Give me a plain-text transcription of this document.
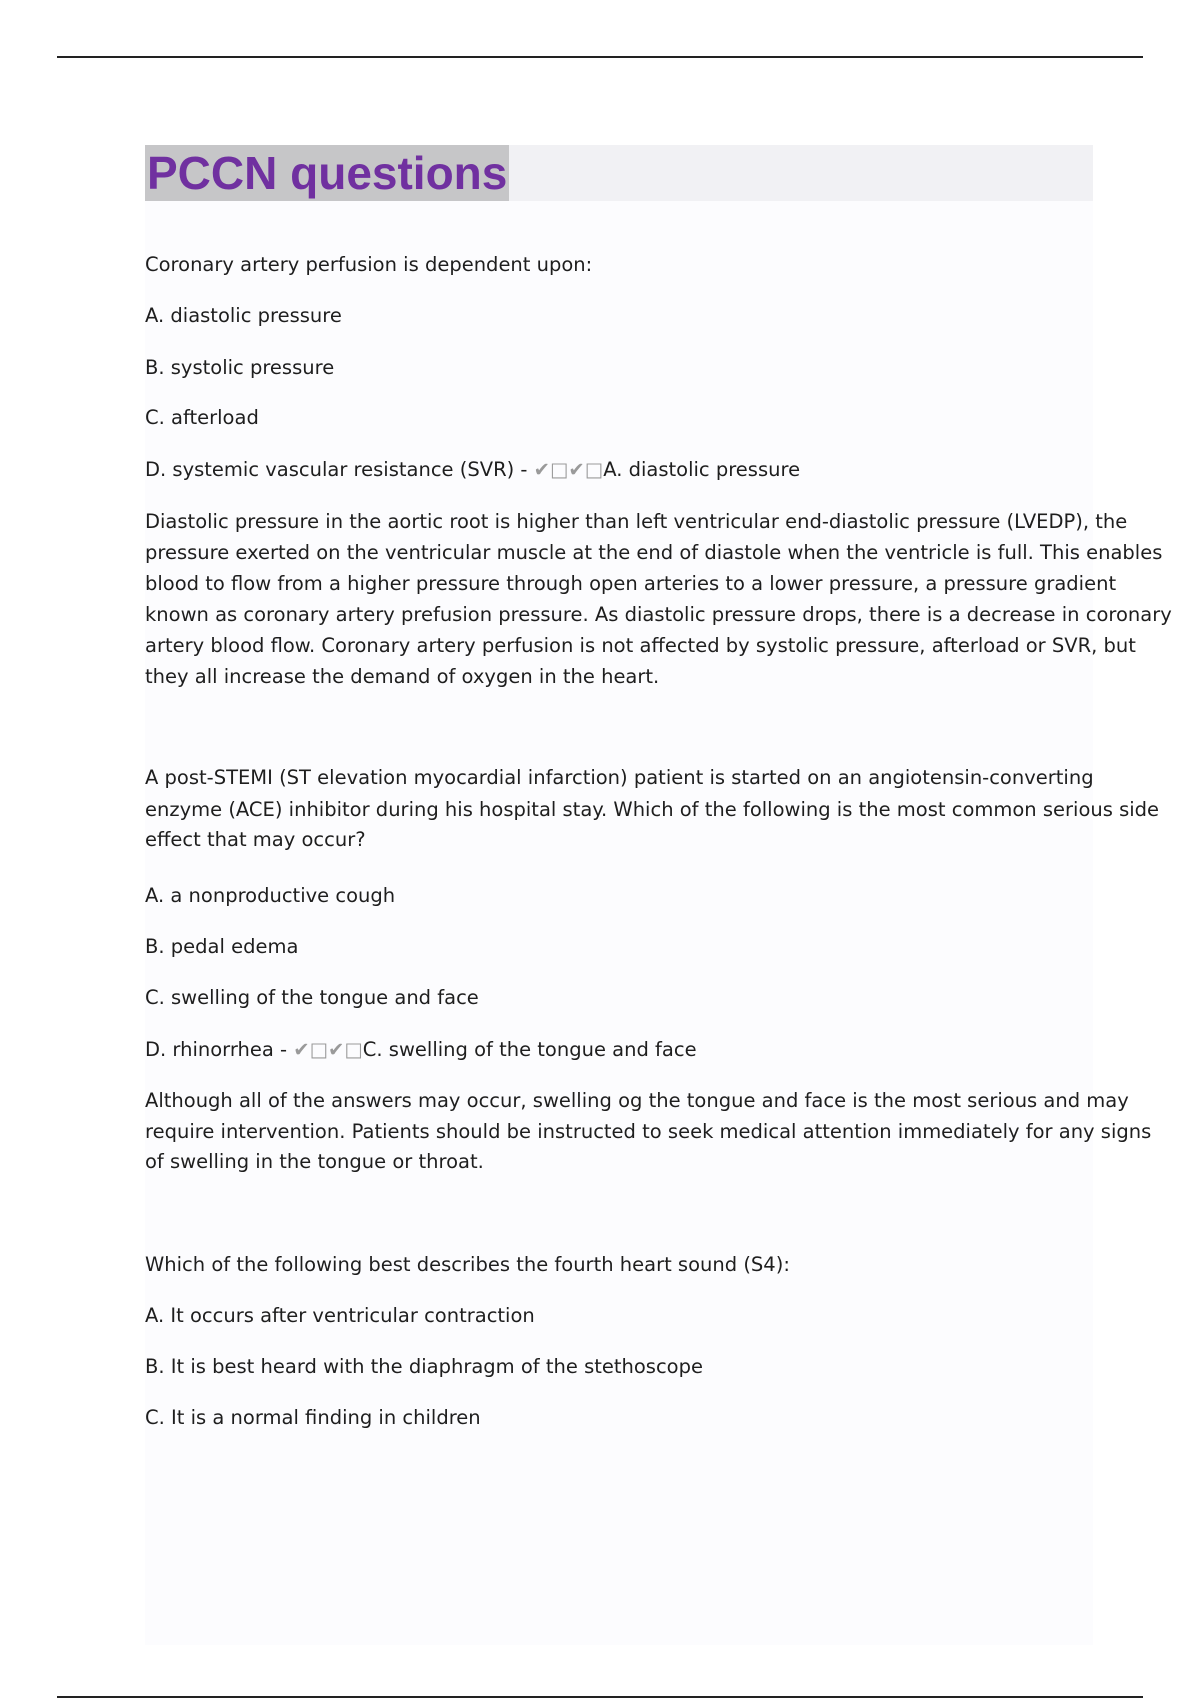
PCCN questions

Coronary artery perfusion is dependent upon:

A. diastolic pressure

B. systolic pressure

C. afterload

D. systemic vascular resistance (SVR) - ✔□✔□A. diastolic pressure

Diastolic pressure in the aortic root is higher than left ventricular end-diastolic pressure (LVEDP), the

pressure exerted on the ventricular muscle at the end of diastole when the ventricle is full. This enables

blood to flow from a higher pressure through open arteries to a lower pressure, a pressure gradient

known as coronary artery prefusion pressure. As diastolic pressure drops, there is a decrease in coronary

artery blood flow. Coronary artery perfusion is not affected by systolic pressure, afterload or SVR, but

they all increase the demand of oxygen in the heart.

A post-STEMI (ST elevation myocardial infarction) patient is started on an angiotensin-converting

enzyme (ACE) inhibitor during his hospital stay. Which of the following is the most common serious side

effect that may occur?

A. a nonproductive cough

B. pedal edema

C. swelling of the tongue and face

D. rhinorrhea - ✔□✔□C. swelling of the tongue and face

Although all of the answers may occur, swelling og the tongue and face is the most serious and may

require intervention. Patients should be instructed to seek medical attention immediately for any signs

of swelling in the tongue or throat.

Which of the following best describes the fourth heart sound (S4):

A. It occurs after ventricular contraction

B. It is best heard with the diaphragm of the stethoscope

C. It is a normal finding in children
